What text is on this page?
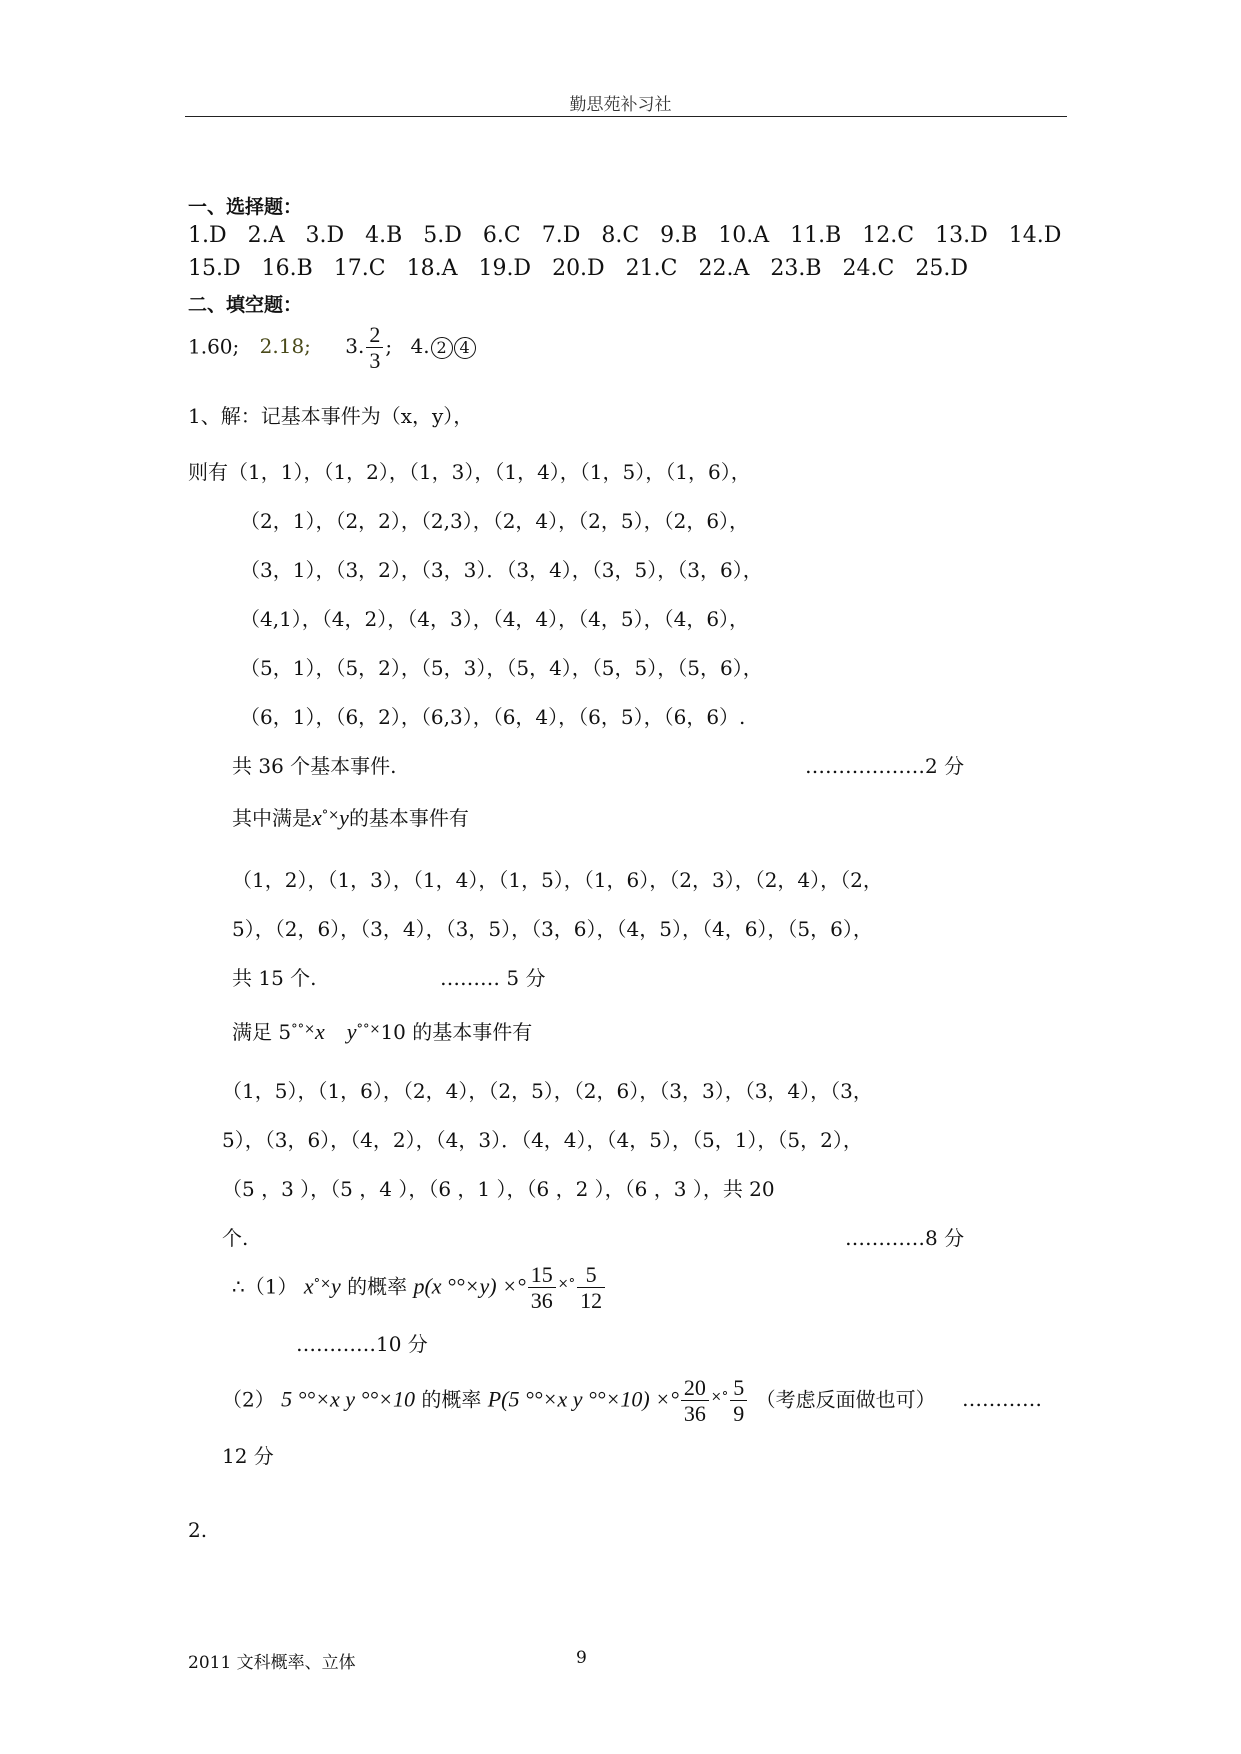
勤思苑补习社
一、选择题：
1.D 2.A 3.D 4.B 5.D 6.C 7.D 8.C 9.B 10.A 11.B 12.C 13.D 14.D
15.D 16.B 17.C 18.A 19.D 20.D 21.C 22.A 23.B 24.C 25.D
二、填空题：
1.60; 2.18; 3. $\frac{2}{3}$ ; 4. 2 4
1、解：记基本事件为（x，y），
则有（1，1），（1，2），（1，3），（1，4），（1，5），（1，6），
（2，1），（2，2），（2,3），（2，4），（2，5），（2，6），
（3，1），（3，2），（3，3）．（3，4），（3，5），（3，6），
（4,1），（4，2），（4，3），（4，4），（4，5），（4，6），
（5，1），（5，2），（5，3），（5，4），（5，5），（5，6），
（6，1），（6，2），（6,3），（6，4），（6，5），（6，6）.
共 36 个基本事件.	………………2 分
其中满是x°×y的基本事件有
（1，2），（1，3），（1，4），（1，5），（1，6），（2，3），（2，4），（2，
5），（2，6），（3，4），（3，5），（3，6），（4，5），（4，6），（5，6），
共 15 个.	……… 5 分
满足 5°°×x y°°×10 的基本事件有
（1，5），（1，6），（2，4），（2，5），（2，6），（3，3），（3，4），（3，
5），（3，6），（4，2），（4，3）．（4，4），（4，5），（5，1），（5，2），
（5 ，3 ），（5 ，4 ），（6 ，1 ），（6 ，2 ），（6 ，3 ），共 20
个.	…………8 分
∴（1） x°×y 的概率 p(x °°×y) ×° $\frac{15}{36} ^{\times^\circ} \frac{5}{12}$
…………10 分
（2） 5 °°×x y °°×10 的概率 P(5 °°×x y °°×10) ×° $\frac{20}{36} ^{\times^\circ} \frac{5}{9}$ （考虑反面做也可） …………
12 分
2.
2011 文科概率、立体	9
